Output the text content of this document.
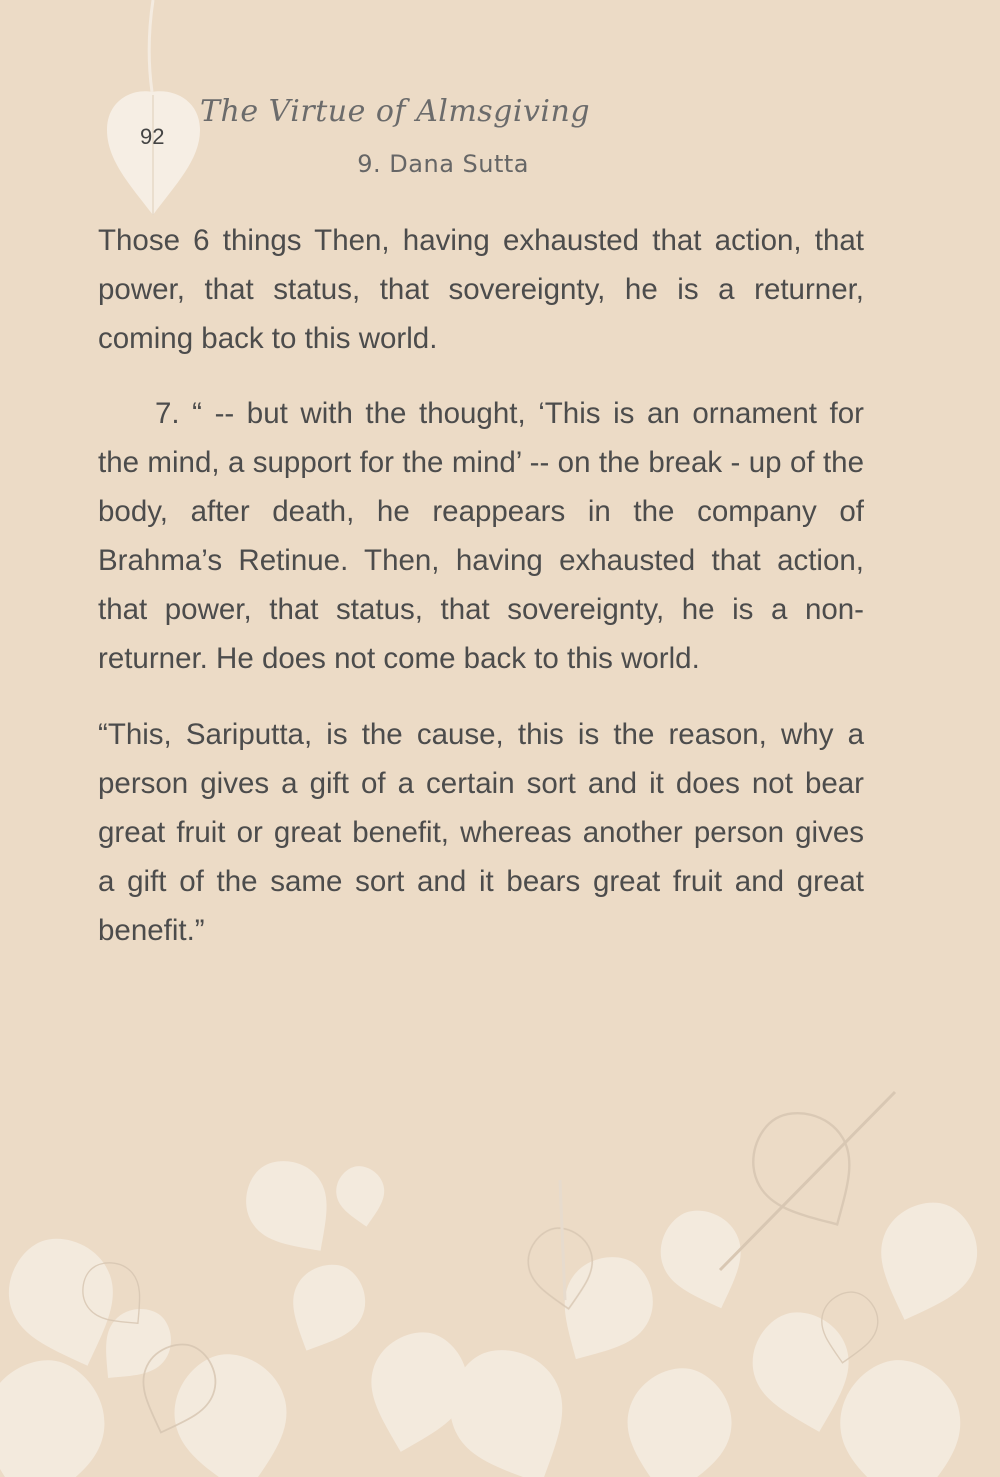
92
The Virtue of Almsgiving
9. Dana Sutta

Those 6 things Then, having exhausted that action, that power, that status, that sovereignty, he is a returner, coming back to this world.

7. “ -- but with the thought, ‘This is an ornament for the mind, a support for the mind’ -- on the break - up of the body, after death, he reappears in the company of Brahma’s Retinue. Then, having exhausted that action, that power, that status, that sovereignty, he is a non-returner. He does not come back to this world.

“This, Sariputta, is the cause, this is the reason, why a person gives a gift of a certain sort and it does not bear great fruit or great benefit, whereas another person gives a gift of the same sort and it bears great fruit and great benefit.”
